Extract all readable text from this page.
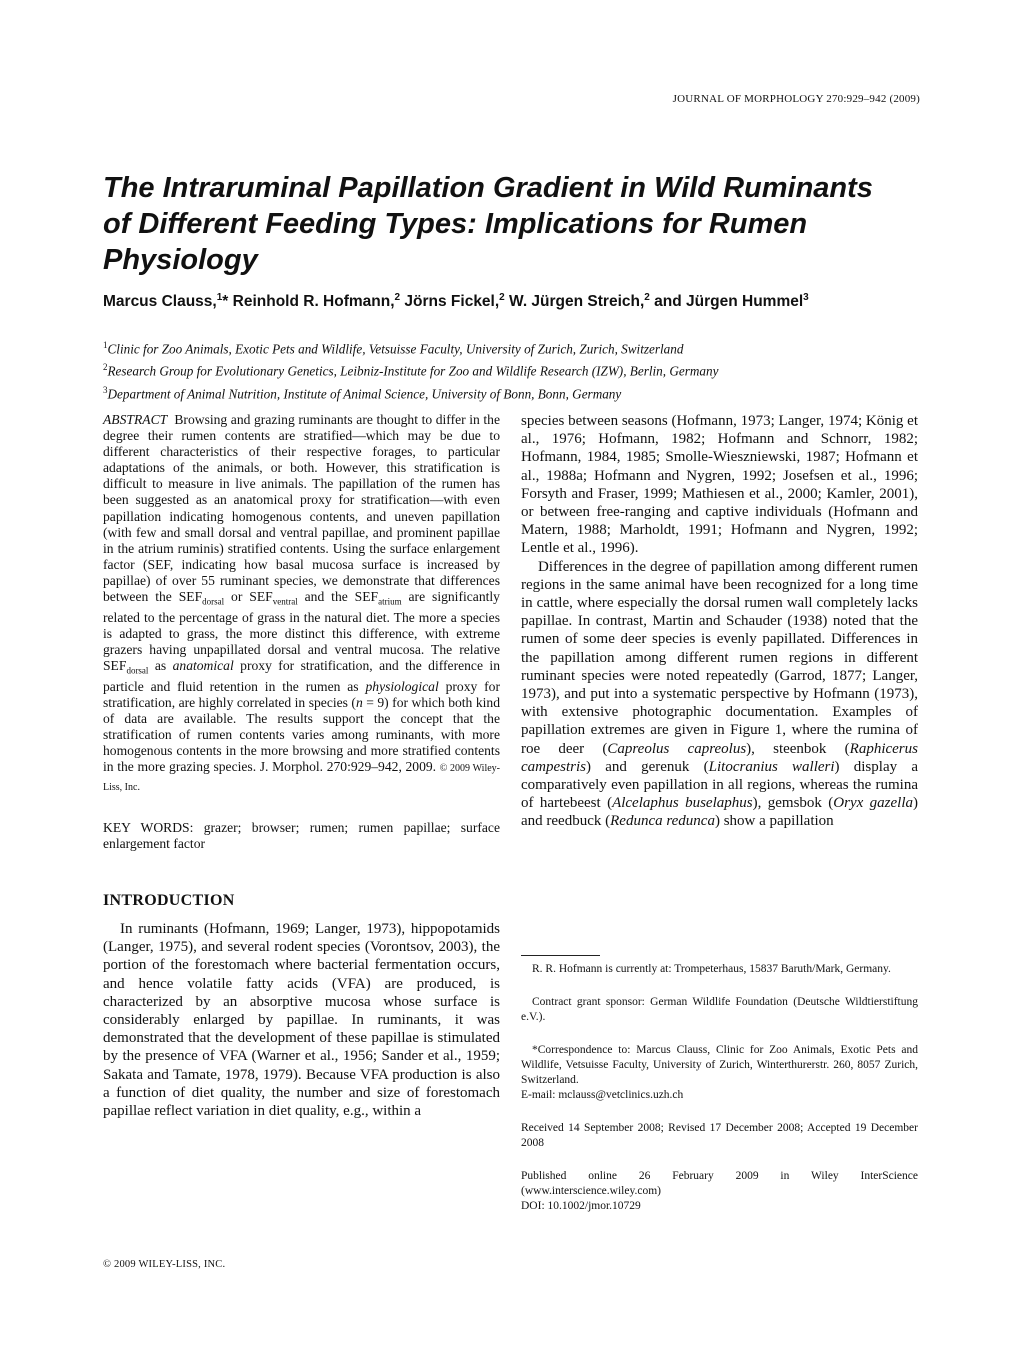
JOURNAL OF MORPHOLOGY 270:929–942 (2009)
The Intraruminal Papillation Gradient in Wild Ruminants of Different Feeding Types: Implications for Rumen Physiology

Marcus Clauss,$^1$* Reinhold R. Hofmann,$^2$ Jörns Fickel,$^2$ W. Jürgen Streich,$^2$ and Jürgen Hummel$^3$

$^1$Clinic for Zoo Animals, Exotic Pets and Wildlife, Vetsuisse Faculty, University of Zurich, Zurich, Switzerland
$^2$Research Group for Evolutionary Genetics, Leibniz-Institute for Zoo and Wildlife Research (IZW), Berlin, Germany
$^3$Department of Animal Nutrition, Institute of Animal Science, University of Bonn, Bonn, Germany

ABSTRACT Browsing and grazing ruminants are thought to differ in the degree their rumen contents are stratified—which may be due to different characteristics of their respective forages, to particular adaptations of the animals, or both. However, this stratification is difficult to measure in live animals. The papillation of the rumen has been suggested as an anatomical proxy for stratification—with even papillation indicating homogenous contents, and uneven papillation (with few and small dorsal and ventral papillae, and prominent papillae in the atrium ruminis) stratified contents. Using the surface enlargement factor (SEF, indicating how basal mucosa surface is increased by papillae) of over 55 ruminant species, we demonstrate that differences between the $SEF_{dorsal}$ or $SEF_{ventral}$ and the $SEF_{atrium}$ are significantly related to the percentage of grass in the natural diet. The more a species is adapted to grass, the more distinct this difference, with extreme grazers having unpapillated dorsal and ventral mucosa. The relative $SEF_{dorsal}$ as anatomical proxy for stratification, and the difference in particle and fluid retention in the rumen as physiological proxy for stratification, are highly correlated in species (n = 9) for which both kind of data are available. The results support the concept that the stratification of rumen contents varies among ruminants, with more homogenous contents in the more browsing and more stratified contents in the more grazing species. J. Morphol. 270:929–942, 2009. © 2009 Wiley-Liss, Inc.

KEY WORDS: grazer; browser; rumen; rumen papillae; surface enlargement factor

INTRODUCTION

In ruminants (Hofmann, 1969; Langer, 1973), hippopotamids (Langer, 1975), and several rodent species (Vorontsov, 2003), the portion of the forestomach where bacterial fermentation occurs, and hence volatile fatty acids (VFA) are produced, is characterized by an absorptive mucosa whose surface is considerably enlarged by papillae. In ruminants, it was demonstrated that the development of these papillae is stimulated by the presence of VFA (Warner et al., 1956; Sander et al., 1959; Sakata and Tamate, 1978, 1979). Because VFA production is also a function of diet quality, the number and size of forestomach papillae reflect variation in diet quality, e.g., within a

species between seasons (Hofmann, 1973; Langer, 1974; König et al., 1976; Hofmann, 1982; Hofmann and Schnorr, 1982; Hofmann, 1984, 1985; Smolle-Wieszniewski, 1987; Hofmann et al., 1988a; Hofmann and Nygren, 1992; Josefsen et al., 1996; Forsyth and Fraser, 1999; Mathiesen et al., 2000; Kamler, 2001), or between free-ranging and captive individuals (Hofmann and Matern, 1988; Marholdt, 1991; Hofmann and Nygren, 1992; Lentle et al., 1996).

Differences in the degree of papillation among different rumen regions in the same animal have been recognized for a long time in cattle, where especially the dorsal rumen wall completely lacks papillae. In contrast, Martin and Schauder (1938) noted that the rumen of some deer species is evenly papillated. Differences in the papillation among different rumen regions in different ruminant species were noted repeatedly (Garrod, 1877; Langer, 1973), and put into a systematic perspective by Hofmann (1973), with extensive photographic documentation. Examples of papillation extremes are given in Figure 1, where the rumina of roe deer (Capreolus capreolus), steenbok (Raphicerus campestris) and gerenuk (Litocranius walleri) display a comparatively even papillation in all regions, whereas the rumina of hartebeest (Alcelaphus buselaphus), gemsbok (Oryx gazella) and reedbuck (Redunca redunca) show a papillation

R. R. Hofmann is currently at: Trompeterhaus, 15837 Baruth/Mark, Germany.

Contract grant sponsor: German Wildlife Foundation (Deutsche Wildtierstiftung e.V.).

*Correspondence to: Marcus Clauss, Clinic for Zoo Animals, Exotic Pets and Wildlife, Vetsuisse Faculty, University of Zurich, Winterthurerstr. 260, 8057 Zurich, Switzerland.
E-mail: mclauss@vetclinics.uzh.ch

Received 14 September 2008; Revised 17 December 2008; Accepted 19 December 2008

Published online 26 February 2009 in Wiley InterScience (www.interscience.wiley.com)
DOI: 10.1002/jmor.10729

© 2009 WILEY-LISS, INC.
